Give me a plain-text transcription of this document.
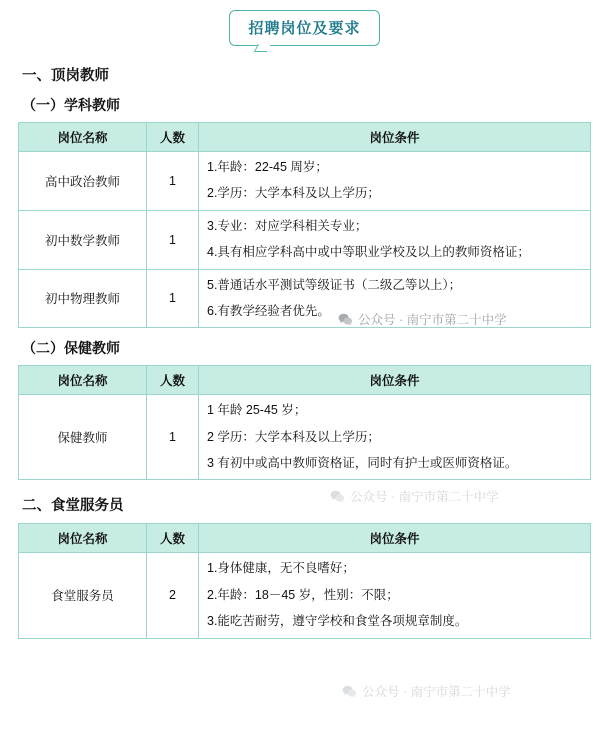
招聘岗位及要求
一、顶岗教师
（一）学科教师
岗位名称	人数	岗位条件
高中政治教师	1	1.年龄：22-45 周岁；

2.学历：大学本科及以上学历；

初中数学教师	1	3.专业：对应学科相关专业；

4.具有相应学科高中或中等职业学校及以上的教师资格证；

初中物理教师	1	5.普通话水平测试等级证书（二级乙等以上）；

6.有教学经验者优先。

（二）保健教师
岗位名称	人数	岗位条件
保健教师	1	1 年龄 25-45 岁；

2 学历：大学本科及以上学历；

3 有初中或高中教师资格证，同时有护士或医师资格证。

二、食堂服务员
岗位名称	人数	岗位条件
食堂服务员	2	1.身体健康，无不良嗜好；

2.年龄：18－45 岁，性别：不限；

3.能吃苦耐劳，遵守学校和食堂各项规章制度。

公众号 · 南宁市第二十中学
公众号 · 南宁市第二十中学
公众号 · 南宁市第二十中学
